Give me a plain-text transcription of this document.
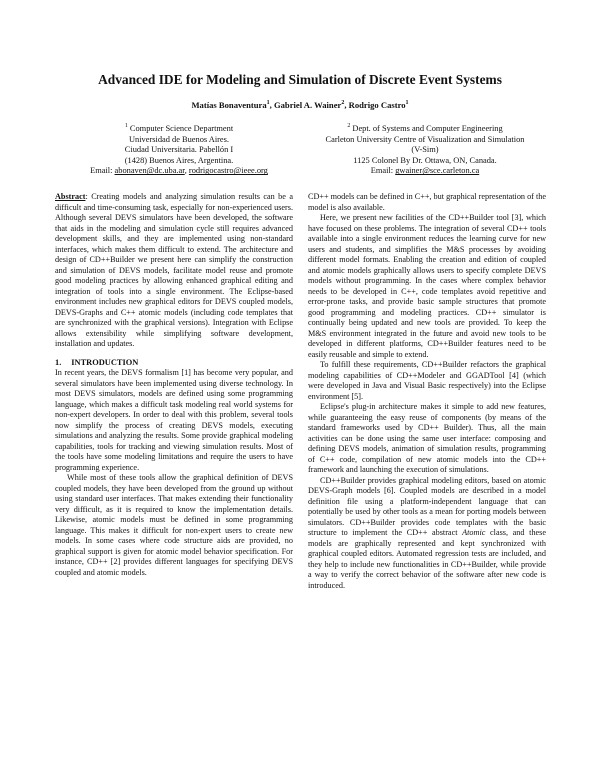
Advanced IDE for Modeling and Simulation of Discrete Event Systems
Matías Bonaventura$^1$, Gabriel A. Wainer$^2$, Rodrigo Castro$^1$
$^1$ Computer Science Department
Universidad de Buenos Aires.
Ciudad Universitaria. Pabellón I
(1428) Buenos Aires, Argentina.
Email: abonaven@dc.uba.ar, rodrigocastro@ieee.org
$^2$ Dept. of Systems and Computer Engineering
Carleton University Centre of Visualization and Simulation
(V-Sim)
1125 Colonel By Dr. Ottawa, ON, Canada.
Email: gwainer@sce.carleton.ca

Abstract: Creating models and analyzing simulation results can be a difficult and time-consuming task, especially for non-experienced users. Although several DEVS simulators have been developed, the software that aids in the modeling and simulation cycle still requires advanced development skills, and they are implemented using non-standard interfaces, which makes them difficult to extend. The architecture and design of CD++Builder we present here can simplify the construction and simulation of DEVS models, facilitate model reuse and promote good modeling practices by allowing enhanced graphical editing and integration of tools into a single environment. The Eclipse-based environment includes new graphical editors for DEVS coupled models, DEVS-Graphs and C++ atomic models (including code templates that are synchronized with the graphical versions). Integration with Eclipse allows extensibility while simplifying software development, installation and updates.

1. INTRODUCTION

In recent years, the DEVS formalism [1] has become very popular, and several simulators have been implemented using diverse technology. In most DEVS simulators, models are defined using some programming language, which makes a difficult task modeling real world systems for non-expert developers. In order to deal with this problem, several tools now simplify the process of creating DEVS models, executing simulations and analyzing the results. Some provide graphical modeling capabilities, tools for tracking and viewing simulation results. Most of the tools have some modeling limitations and require the users to have programming experience.

While most of these tools allow the graphical definition of DEVS coupled models, they have been developed from the ground up without using standard user interfaces. That makes extending their functionality very difficult, as it is required to know the implementation details. Likewise, atomic models must be defined in some programming language. This makes it difficult for non-expert users to create new models. In some cases where code structure aids are provided, no graphical support is given for atomic model behavior specification. For instance, CD++ [2] provides different languages for specifying DEVS coupled and atomic models.

CD++ models can be defined in C++, but graphical representation of the model is also available.

Here, we present new facilities of the CD++Builder tool [3], which have focused on these problems. The integration of several CD++ tools available into a single environment reduces the learning curve for new users and students, and simplifies the M&S processes by avoiding different model formats. Enabling the creation and edition of coupled and atomic models graphically allows users to specify complete DEVS models without programming. In the cases where complex behavior needs to be developed in C++, code templates avoid repetitive and error-prone tasks, and provide basic sample structures that promote good programming and modeling practices. CD++ simulator is continually being updated and new tools are provided. To keep the M&S environment integrated in the future and avoid new tools to be developed in different platforms, CD++Builder features need to be easily reusable and simple to extend.

To fulfill these requirements, CD++Builder refactors the graphical modeling capabilities of CD++Modeler and GGADTool [4] (which were developed in Java and Visual Basic respectively) into the Eclipse environment [5].

Eclipse's plug-in architecture makes it simple to add new features, while guaranteeing the easy reuse of components (by means of the standard frameworks used by CD++ Builder). Thus, all the main activities can be done using the same user interface: composing and defining DEVS models, animation of simulation results, programming of C++ code, compilation of new atomic models into the CD++ framework and launching the execution of simulations.

CD++Builder provides graphical modeling editors, based on atomic DEVS-Graph models [6]. Coupled models are described in a model definition file using a platform-independent language that can potentially be used by other tools as a mean for porting models between simulators. CD++Builder provides code templates with the basic structure to implement the CD++ abstract Atomic class, and these models are graphically represented and kept synchronized with graphical coupled editors. Automated regression tests are included, and they help to include new functionalities in CD++Builder, while provide a way to verify the correct behavior of the software after new code is introduced.
